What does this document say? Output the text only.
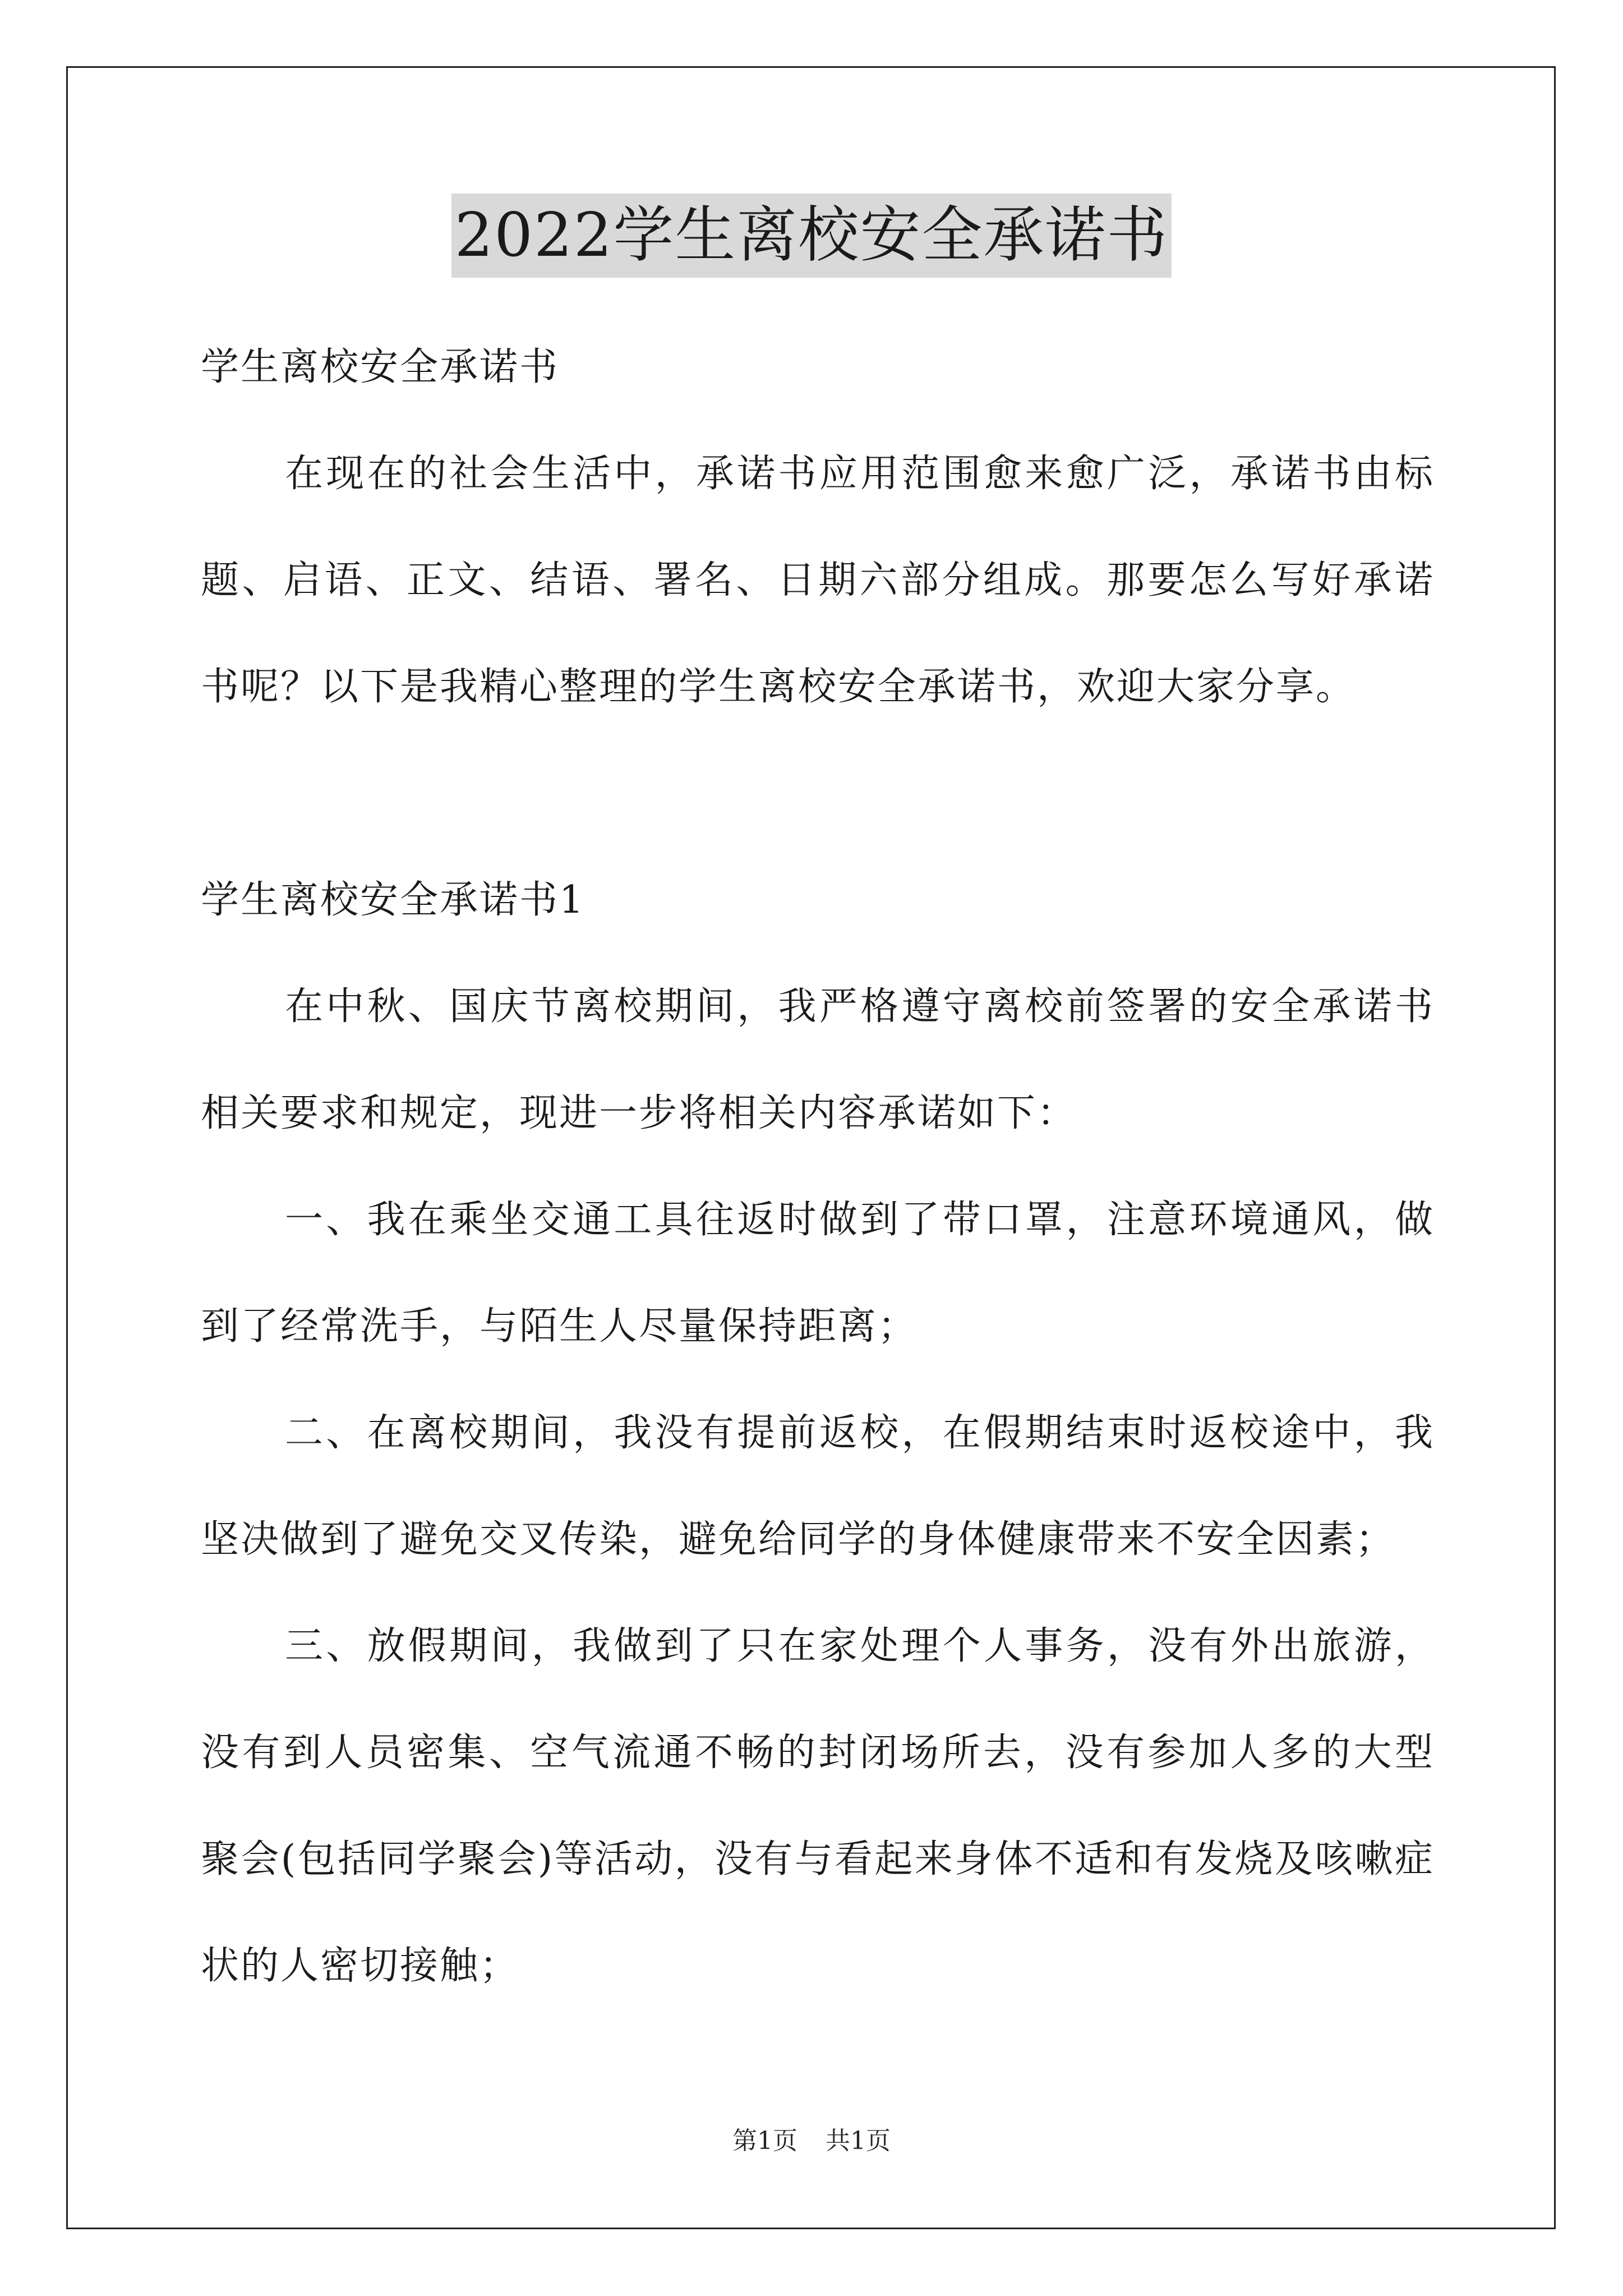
2022学生离校安全承诺书

学生离校安全承诺书

在现在的社会生活中，承诺书应用范围愈来愈广泛，承诺书由标题、启语、正文、结语、署名、日期六部分组成。那要怎么写好承诺书呢？以下是我精心整理的学生离校安全承诺书，欢迎大家分享。

学生离校安全承诺书1

在中秋、国庆节离校期间，我严格遵守离校前签署的安全承诺书相关要求和规定，现进一步将相关内容承诺如下：

一、我在乘坐交通工具往返时做到了带口罩，注意环境通风，做到了经常洗手，与陌生人尽量保持距离；

二、在离校期间，我没有提前返校，在假期结束时返校途中，我坚决做到了避免交叉传染，避免给同学的身体健康带来不安全因素；

三、放假期间，我做到了只在家处理个人事务，没有外出旅游，没有到人员密集、空气流通不畅的封闭场所去，没有参加人多的大型聚会(包括同学聚会)等活动，没有与看起来身体不适和有发烧及咳嗽症状的人密切接触；

第1页 共1页
